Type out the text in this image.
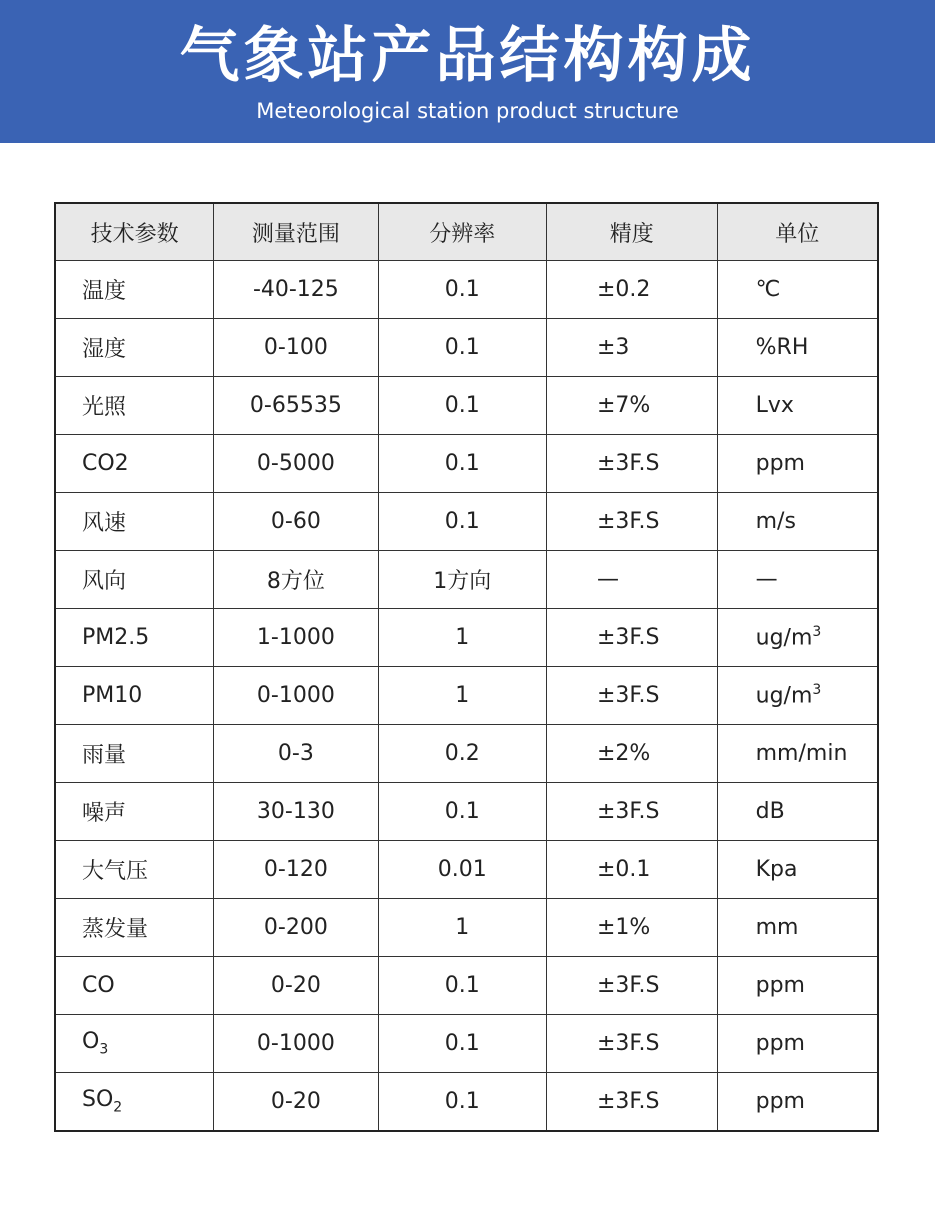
气象站产品结构构成
Meteorological station product structure
技术参数	测量范围	分辨率	精度	单位
温度	-40-125	0.1	±0.2	℃
湿度	0-100	0.1	±3	%RH
光照	0-65535	0.1	±7%	Lvx
CO2	0-5000	0.1	±3F.S	ppm
风速	0-60	0.1	±3F.S	m/s
风向	8方位	1方向	—	—
PM2.5	1-1000	1	±3F.S	$ug/m^3$
PM10	0-1000	1	±3F.S	$ug/m^3$
雨量	0-3	0.2	±2%	mm/min
噪声	30-130	0.1	±3F.S	dB
大气压	0-120	0.01	±0.1	Kpa
蒸发量	0-200	1	±1%	mm
CO	0-20	0.1	±3F.S	ppm
$O_3$	0-1000	0.1	±3F.S	ppm
$SO_2$	0-20	0.1	±3F.S	ppm
